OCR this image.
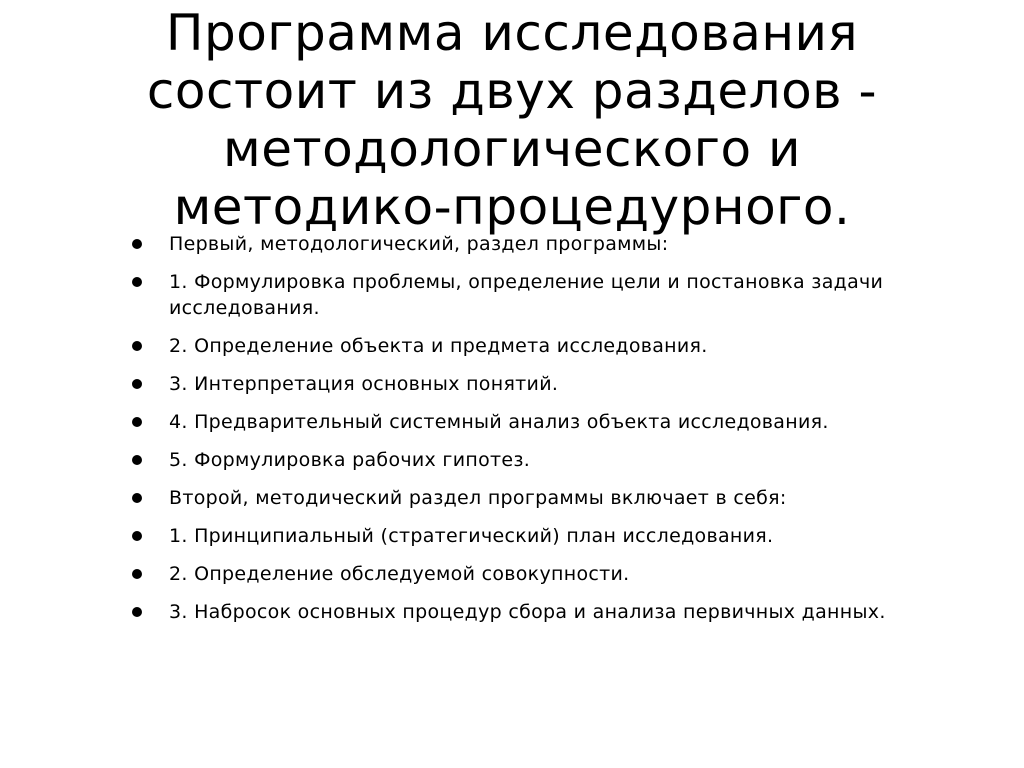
Программа исследования
состоит из двух разделов -
методологического и
методико-процедурного.
Первый, методологический, раздел программы:
1. Формулировка проблемы, определение цели и постановка задачи исследования.
2. Определение объекта и предмета исследования.
3. Интерпретация основных понятий.
4. Предварительный системный анализ объекта исследования.
5. Формулировка рабочих гипотез.
Второй, методический раздел программы включает в себя:
1. Принципиальный (стратегический) план исследования.
2. Определение обследуемой совокупности.
3. Набросок основных процедур сбора и анализа первичных данных.
